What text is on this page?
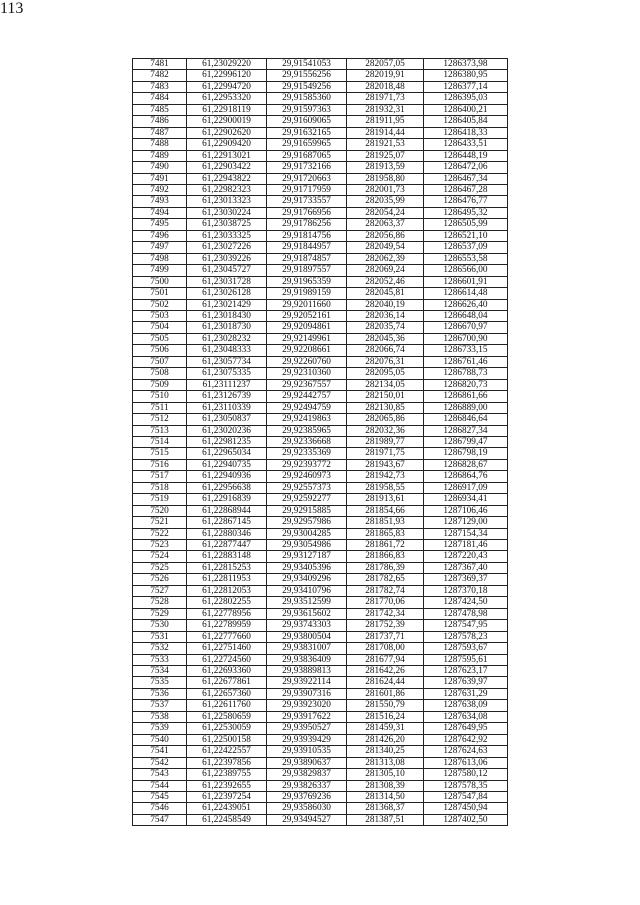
113
7481	61,23029220	29,91541053	282057,05	1286373,98
7482	61,22996120	29,91556256	282019,91	1286380,95
7483	61,22994720	29,91549256	282018,48	1286377,14
7484	61,22953320	29,91585360	281971,73	1286395,03
7485	61,22918119	29,91597363	281932,31	1286400,21
7486	61,22900019	29,91609065	281911,95	1286405,84
7487	61,22902620	29,91632165	281914,44	1286418,33
7488	61,22909420	29,91659965	281921,53	1286433,51
7489	61,22913021	29,91687065	281925,07	1286448,19
7490	61,22903422	29,91732166	281913,59	1286472,06
7491	61,22943822	29,91720663	281958,80	1286467,34
7492	61,22982323	29,91717959	282001,73	1286467,28
7493	61,23013323	29,91733557	282035,99	1286476,77
7494	61,23030224	29,91766956	282054,24	1286495,32
7495	61,23038725	29,91786256	282063,37	1286505,99
7496	61,23033325	29,91814756	282056,86	1286521,10
7497	61,23027226	29,91844957	282049,54	1286537,09
7498	61,23039226	29,91874857	282062,39	1286553,58
7499	61,23045727	29,91897557	282069,24	1286566,00
7500	61,23031728	29,91965359	282052,46	1286601,91
7501	61,23026128	29,91989159	282045,81	1286614,48
7502	61,23021429	29,92011660	282040,19	1286626,40
7503	61,23018430	29,92052161	282036,14	1286648,04
7504	61,23018730	29,92094861	282035,74	1286670,97
7505	61,23028232	29,92149961	282045,36	1286700,90
7506	61,23048333	29,92208661	282066,74	1286733,15
7507	61,23057734	29,92260760	282076,31	1286761,46
7508	61,23075335	29,92310360	282095,05	1286788,73
7509	61,23111237	29,92367557	282134,05	1286820,73
7510	61,23126739	29,92442757	282150,01	1286861,66
7511	61,23110339	29,92494759	282130,85	1286889,00
7512	61,23050837	29,92419863	282065,86	1286846,64
7513	61,23020236	29,92385965	282032,36	1286827,34
7514	61,22981235	29,92336668	281989,77	1286799,47
7515	61,22965034	29,92335369	281971,75	1286798,19
7516	61,22940735	29,92393772	281943,67	1286828,67
7517	61,22940936	29,92460973	281942,73	1286864,76
7518	61,22956638	29,92557373	281958,55	1286917,09
7519	61,22916839	29,92592277	281913,61	1286934,41
7520	61,22868944	29,92915885	281854,66	1287106,46
7521	61,22867145	29,92957986	281851,93	1287129,00
7522	61,22880346	29,93004285	281865,83	1287154,34
7523	61,22877447	29,93054986	281861,72	1287181,46
7524	61,22883148	29,93127187	281866,83	1287220,43
7525	61,22815253	29,93405396	281786,39	1287367,40
7526	61,22811953	29,93409296	281782,65	1287369,37
7527	61,22812053	29,93410796	281782,74	1287370,18
7528	61,22802255	29,93512599	281770,06	1287424,50
7529	61,22778956	29,93615602	281742,34	1287478,98
7530	61,22789959	29,93743303	281752,39	1287547,95
7531	61,22777660	29,93800504	281737,71	1287578,23
7532	61,22751460	29,93831007	281708,00	1287593,67
7533	61,22724560	29,93836409	281677,94	1287595,61
7534	61,22693360	29,93889813	281642,26	1287623,17
7535	61,22677861	29,93922114	281624,44	1287639,97
7536	61,22657360	29,93907316	281601,86	1287631,29
7537	61,22611760	29,93923020	281550,79	1287638,09
7538	61,22580659	29,93917622	281516,24	1287634,08
7539	61,22530059	29,93950527	281459,31	1287649,95
7540	61,22500158	29,93939429	281426,20	1287642,92
7541	61,22422557	29,93910535	281340,25	1287624,63
7542	61,22397856	29,93890637	281313,08	1287613,06
7543	61,22389755	29,93829837	281305,10	1287580,12
7544	61,22392655	29,93826337	281308,39	1287578,35
7545	61,22397254	29,93769236	281314,50	1287547,84
7546	61,22439051	29,93586030	281368,37	1287450,94
7547	61,22458549	29,93494527	281387,51	1287402,50
